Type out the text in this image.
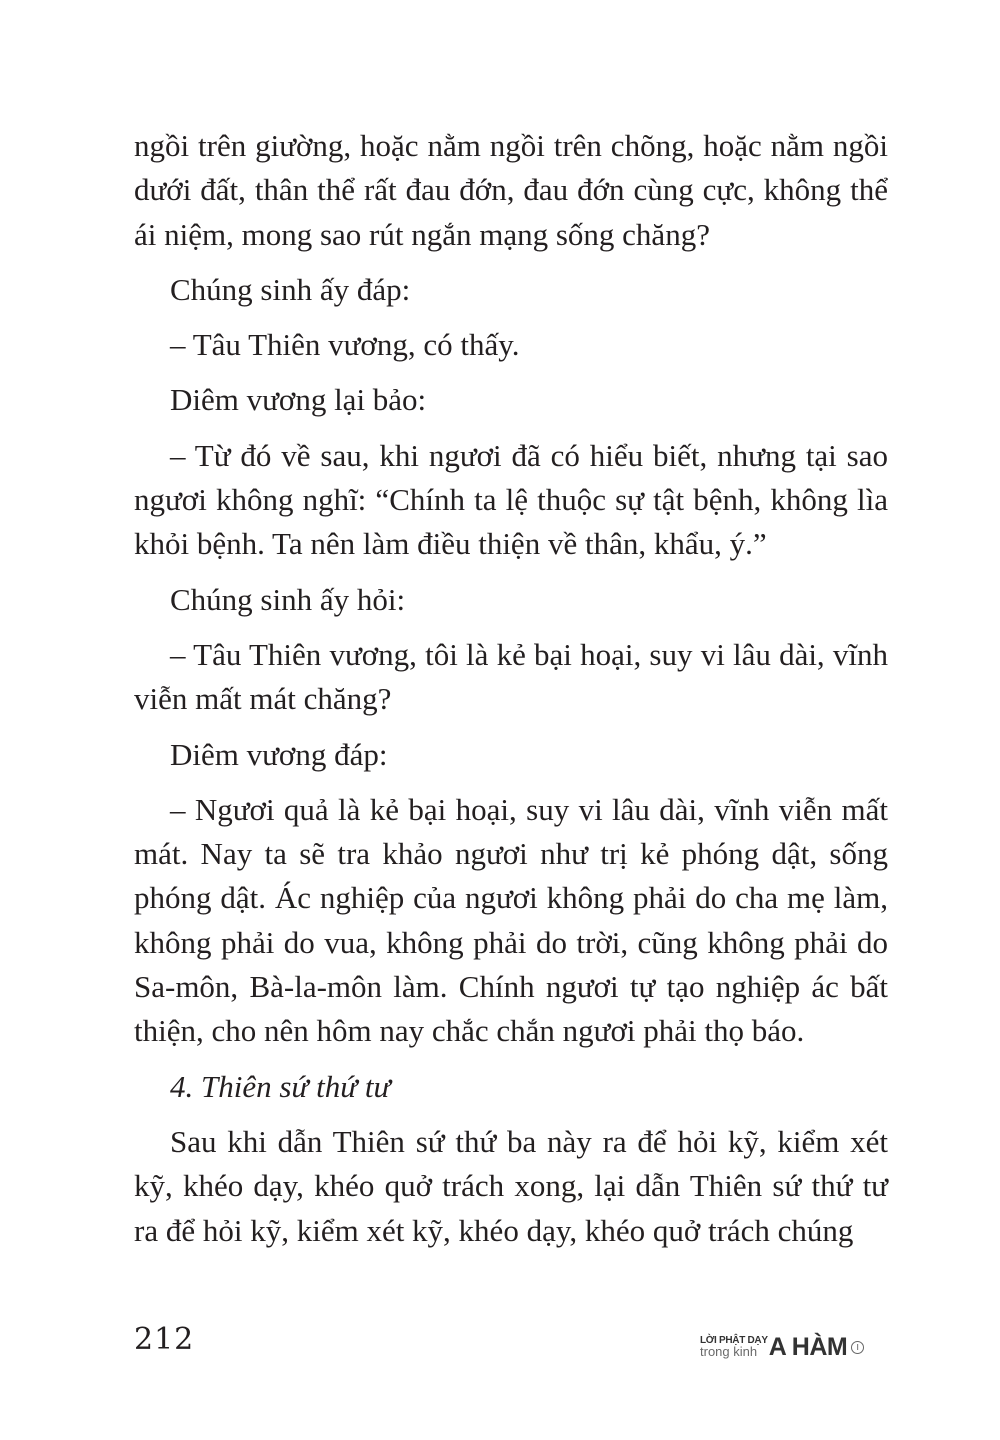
ngồi trên giường, hoặc nằm ngồi trên chõng, hoặc nằm ngồi dưới đất, thân thể rất đau đớn, đau đớn cùng cực, không thể ái niệm, mong sao rút ngắn mạng sống chăng?

Chúng sinh ấy đáp:

– Tâu Thiên vương, có thấy.

Diêm vương lại bảo:

– Từ đó về sau, khi ngươi đã có hiểu biết, nhưng tại sao ngươi không nghĩ: “Chính ta lệ thuộc sự tật bệnh, không lìa khỏi bệnh. Ta nên làm điều thiện về thân, khẩu, ý.”

Chúng sinh ấy hỏi:

– Tâu Thiên vương, tôi là kẻ bại hoại, suy vi lâu dài, vĩnh viễn mất mát chăng?

Diêm vương đáp:

– Ngươi quả là kẻ bại hoại, suy vi lâu dài, vĩnh viễn mất mát. Nay ta sẽ tra khảo ngươi như trị kẻ phóng dật, sống phóng dật. Ác nghiệp của ngươi không phải do cha mẹ làm, không phải do vua, không phải do trời, cũng không phải do Sa-môn, Bà-la-môn làm. Chính ngươi tự tạo nghiệp ác bất thiện, cho nên hôm nay chắc chắn ngươi phải thọ báo.

4. Thiên sứ thứ tư

Sau khi dẫn Thiên sứ thứ ba này ra để hỏi kỹ, kiểm xét kỹ, khéo dạy, khéo quở trách xong, lại dẫn Thiên sứ thứ tư ra để hỏi kỹ, kiểm xét kỹ, khéo dạy, khéo quở trách chúng

212	LỜI PHẬT DẠY
trong kinh A HÀM	I
